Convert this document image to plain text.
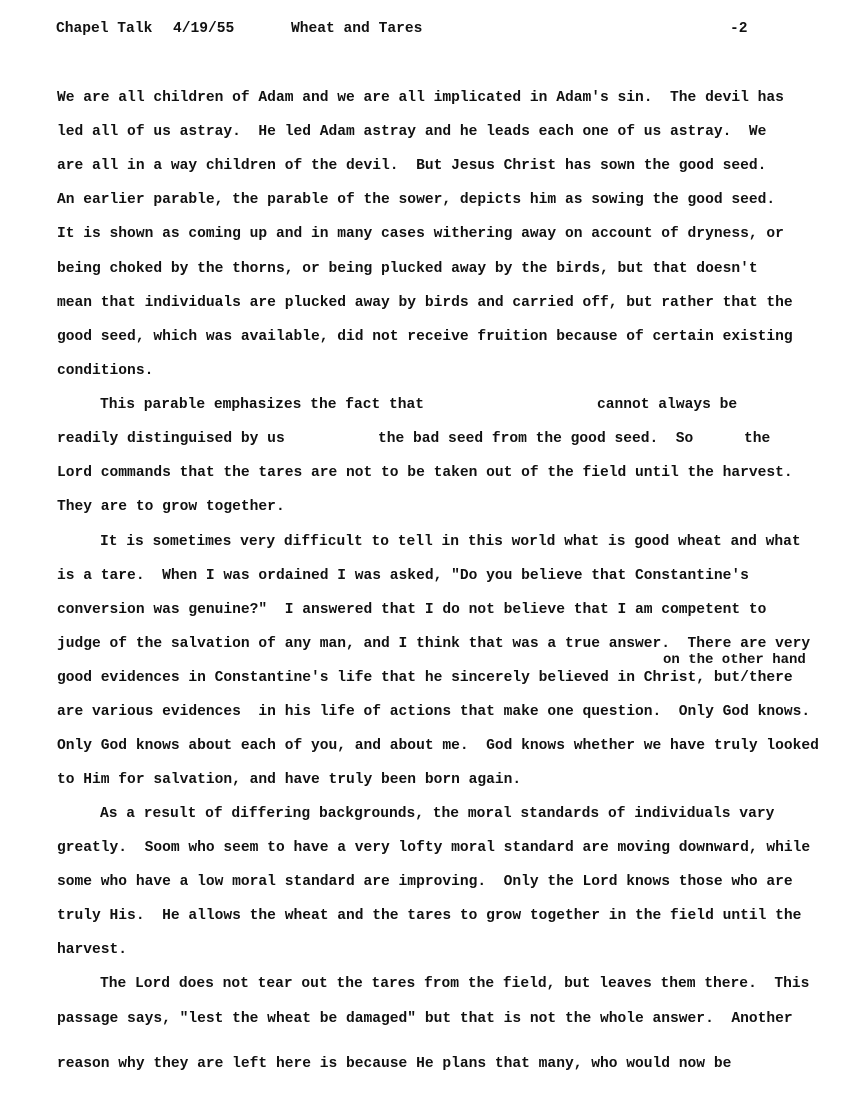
Chapel Talk 4/19/55	Wheat and Tares	-2
We are all children of Adam and we are all implicated in Adam's sin.  The devil has
led all of us astray.  He led Adam astray and he leads each one of us astray.  We
are all in a way children of the devil.  But Jesus Christ has sown the good seed.
An earlier parable, the parable of the sower, depicts him as sowing the good seed.
It is shown as coming up and in many cases withering away on account of dryness, or
being choked by the thorns, or being plucked away by the birds, but that doesn't
mean that individuals are plucked away by birds and carried off, but rather that the
good seed, which was available, did not receive fruition because of certain existing
conditions.
This parable emphasizes the fact that	cannot always be
readily distinguised by us	the bad seed from the good seed.  So	the
Lord commands that the tares are not to be taken out of the field until the harvest.
They are to grow together.
It is sometimes very difficult to tell in this world what is good wheat and what
is a tare.  When I was ordained I was asked, "Do you believe that Constantine's
conversion was genuine?"  I answered that I do not believe that I am competent to
judge of the salvation of any man, and I think that was a true answer.  There are very
on the other hand
good evidences in Constantine's life that he sincerely believed in Christ, but/there
are various evidences  in his life of actions that make one question.  Only God knows.
Only God knows about each of you, and about me.  God knows whether we have truly looked
to Him for salvation, and have truly been born again.
As a result of differing backgrounds, the moral standards of individuals vary
greatly.  Soom who seem to have a very lofty moral standard are moving downward, while
some who have a low moral standard are improving.  Only the Lord knows those who are
truly His.  He allows the wheat and the tares to grow together in the field until the
harvest.
The Lord does not tear out the tares from the field, but leaves them there.  This
passage says, "lest the wheat be damaged" but that is not the whole answer.  Another
reason why they are left here is because He plans that many, who would now be
